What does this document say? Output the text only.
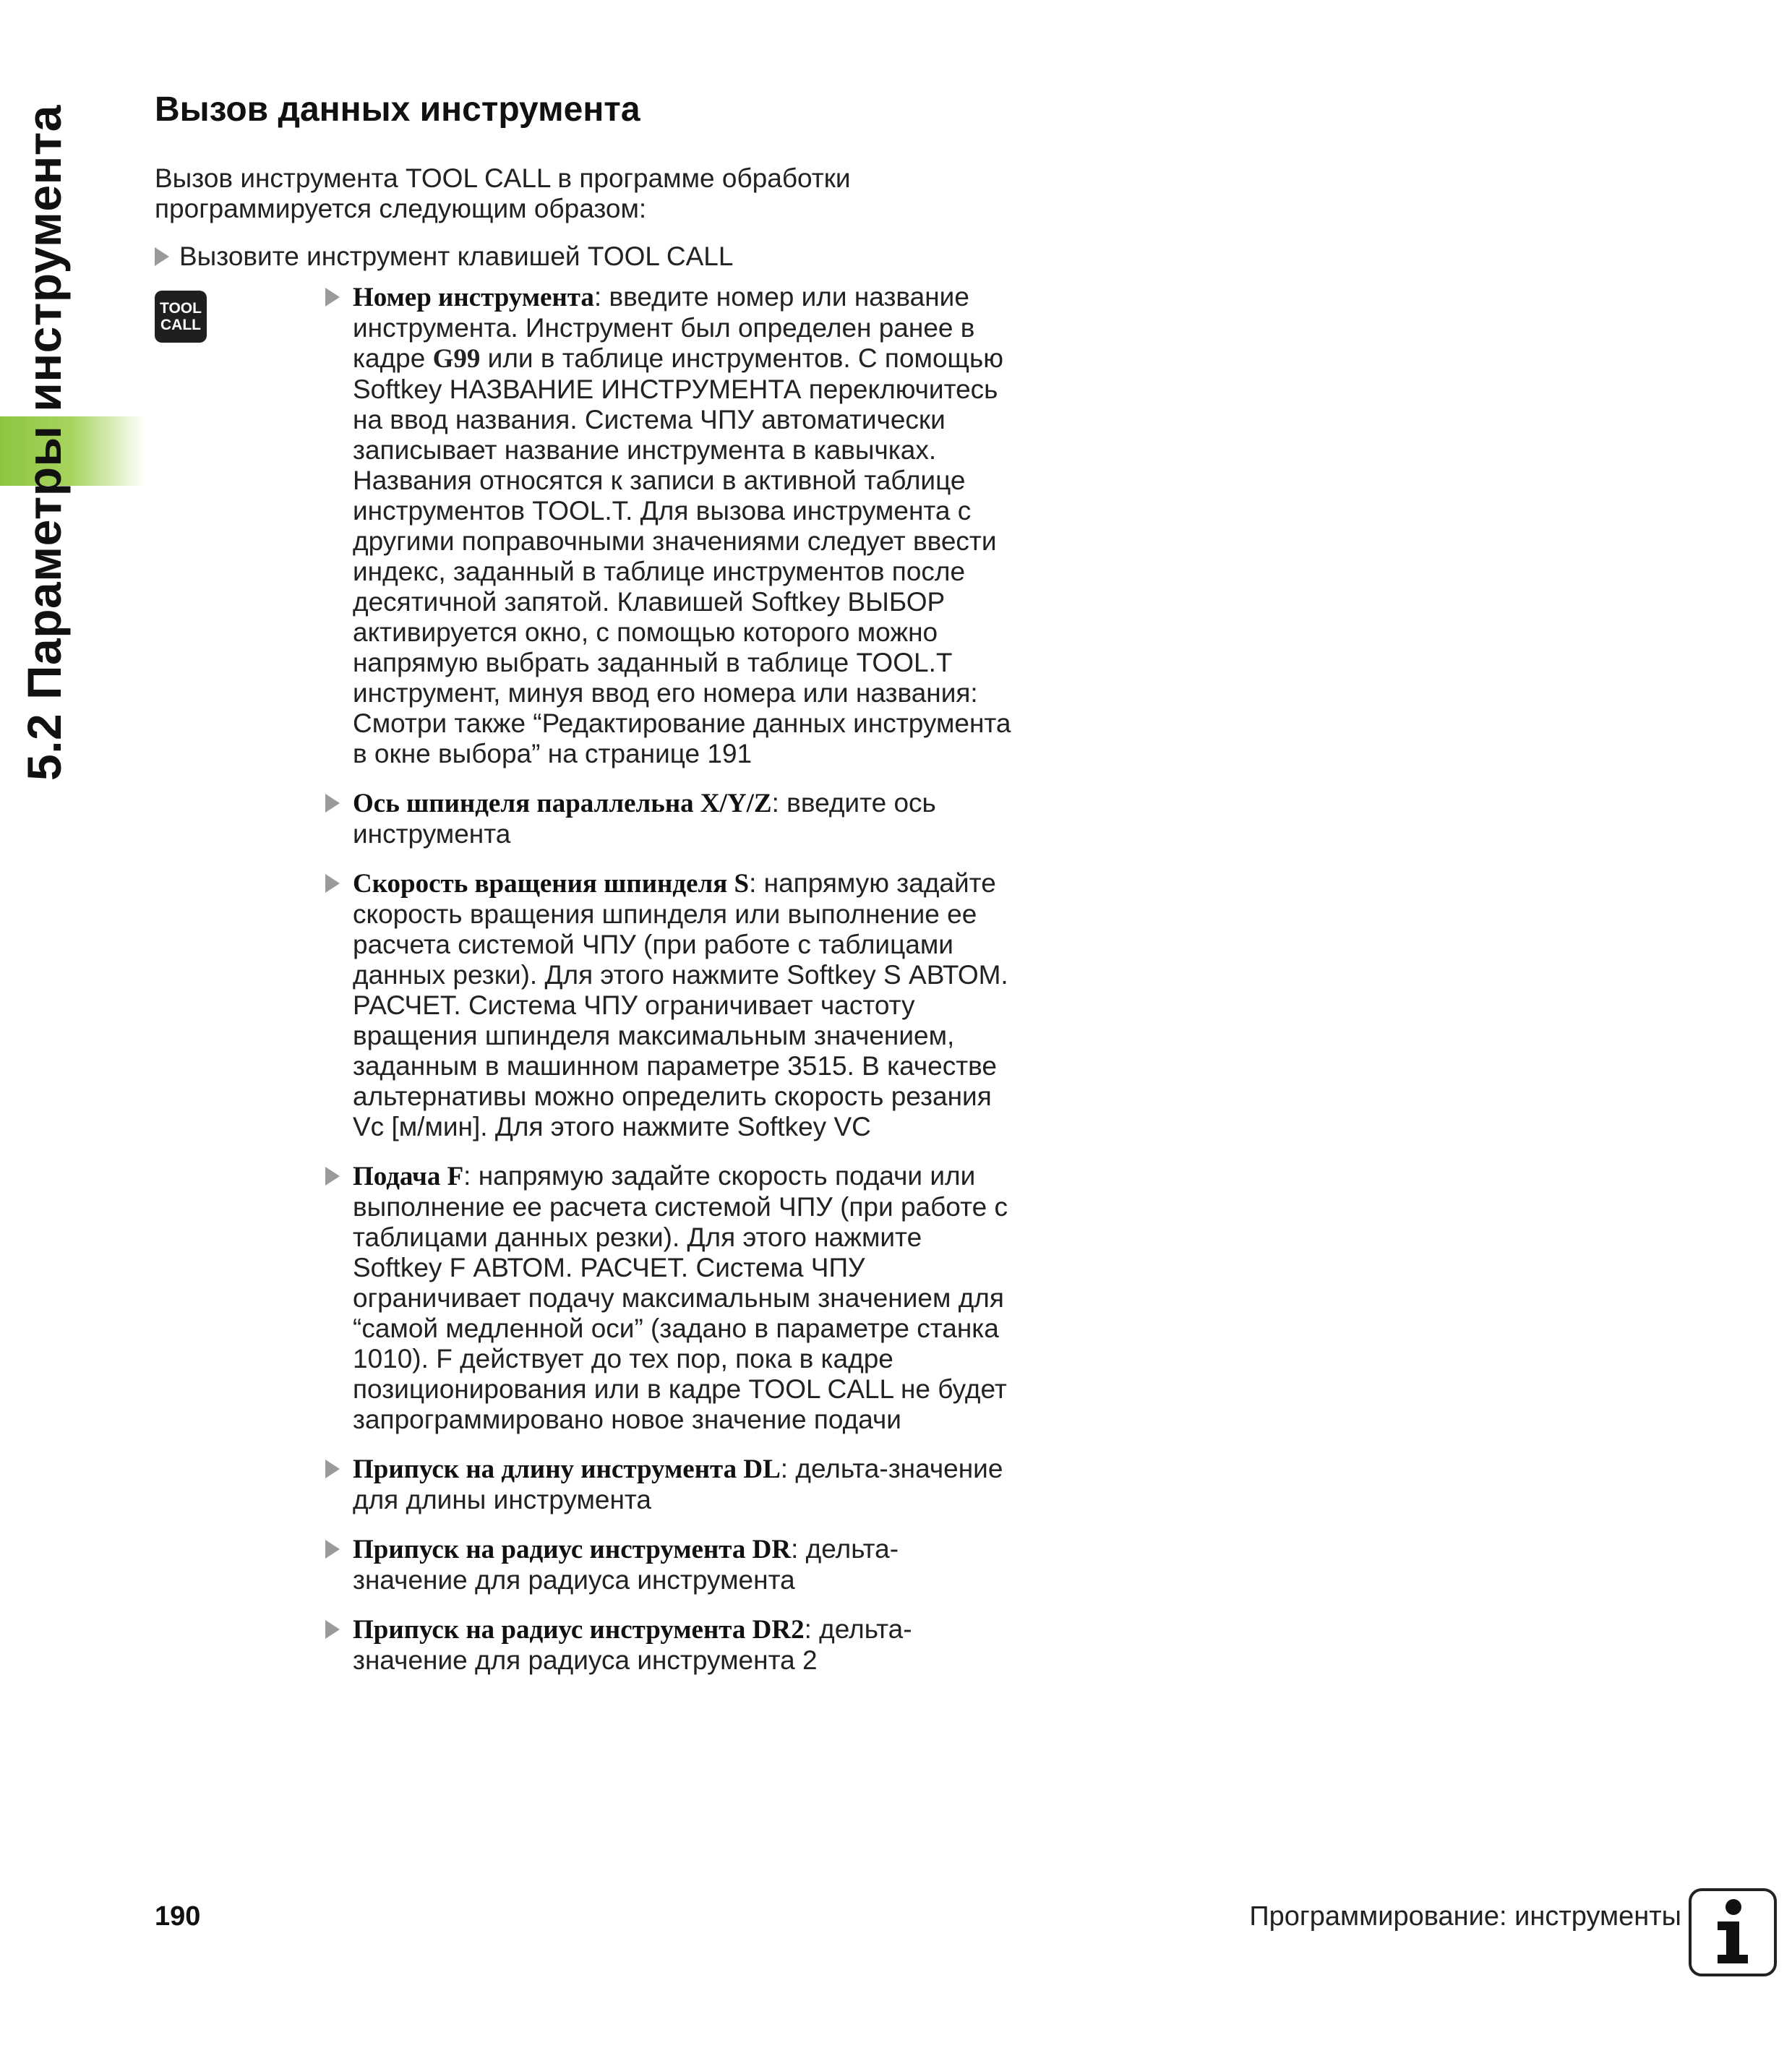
5.2 Параметры инструмента Вызов данных инструмента
Вызов инструмента TOOL CALL в программе обработки программируется следующим образом:
Вызовите инструмент клавишей TOOL CALL
TOOL
CALL
Номер инструмента: введите номер или название инструмента. Инструмент был определен ранее в кадре G99 или в таблице инструментов. С помощью Softkey НАЗВАНИЕ ИНСТРУМЕНТА переключитесь на ввод названия. Система ЧПУ автоматически записывает название инструмента в кавычках. Названия относятся к записи в активной таблице инструментов TOOL.T. Для вызова инструмента с другими поправочными значениями следует ввести индекс, заданный в таблице инструментов после десятичной запятой. Клавишей Softkey ВЫБОР активируется окно, с помощью которого можно напрямую выбрать заданный в таблице TOOL.T инструмент, минуя ввод его номера или названия: Смотри также “Редактирование данных инструмента в окне выбора” на странице 191
Ось шпинделя параллельна X/Y/Z: введите ось инструмента
Скорость вращения шпинделя S: напрямую задайте скорость вращения шпинделя или выполнение ее расчета системой ЧПУ (при работе с таблицами данных резки). Для этого нажмите Softkey S АВТОМ. РАСЧЕТ. Система ЧПУ ограничивает частоту вращения шпинделя максимальным значением, заданным в машинном параметре 3515. В качестве альтернативы можно определить скорость резания Vc [м/мин]. Для этого нажмите Softkey VC
Подача F: напрямую задайте скорость подачи или выполнение ее расчета системой ЧПУ (при работе с таблицами данных резки). Для этого нажмите Softkey F АВТОМ. РАСЧЕТ. Система ЧПУ ограничивает подачу максимальным значением для “самой медленной оси” (задано в параметре станка 1010). F действует до тех пор, пока в кадре позиционирования или в кадре TOOL CALL не будет запрограммировано новое значение подачи
Припуск на длину инструмента DL: дельта-значение для длины инструмента
Припуск на радиус инструмента DR: дельта-значение для радиуса инструмента
Припуск на радиус инструмента DR2: дельта-значение для радиуса инструмента 2
190	Программирование: инструменты
